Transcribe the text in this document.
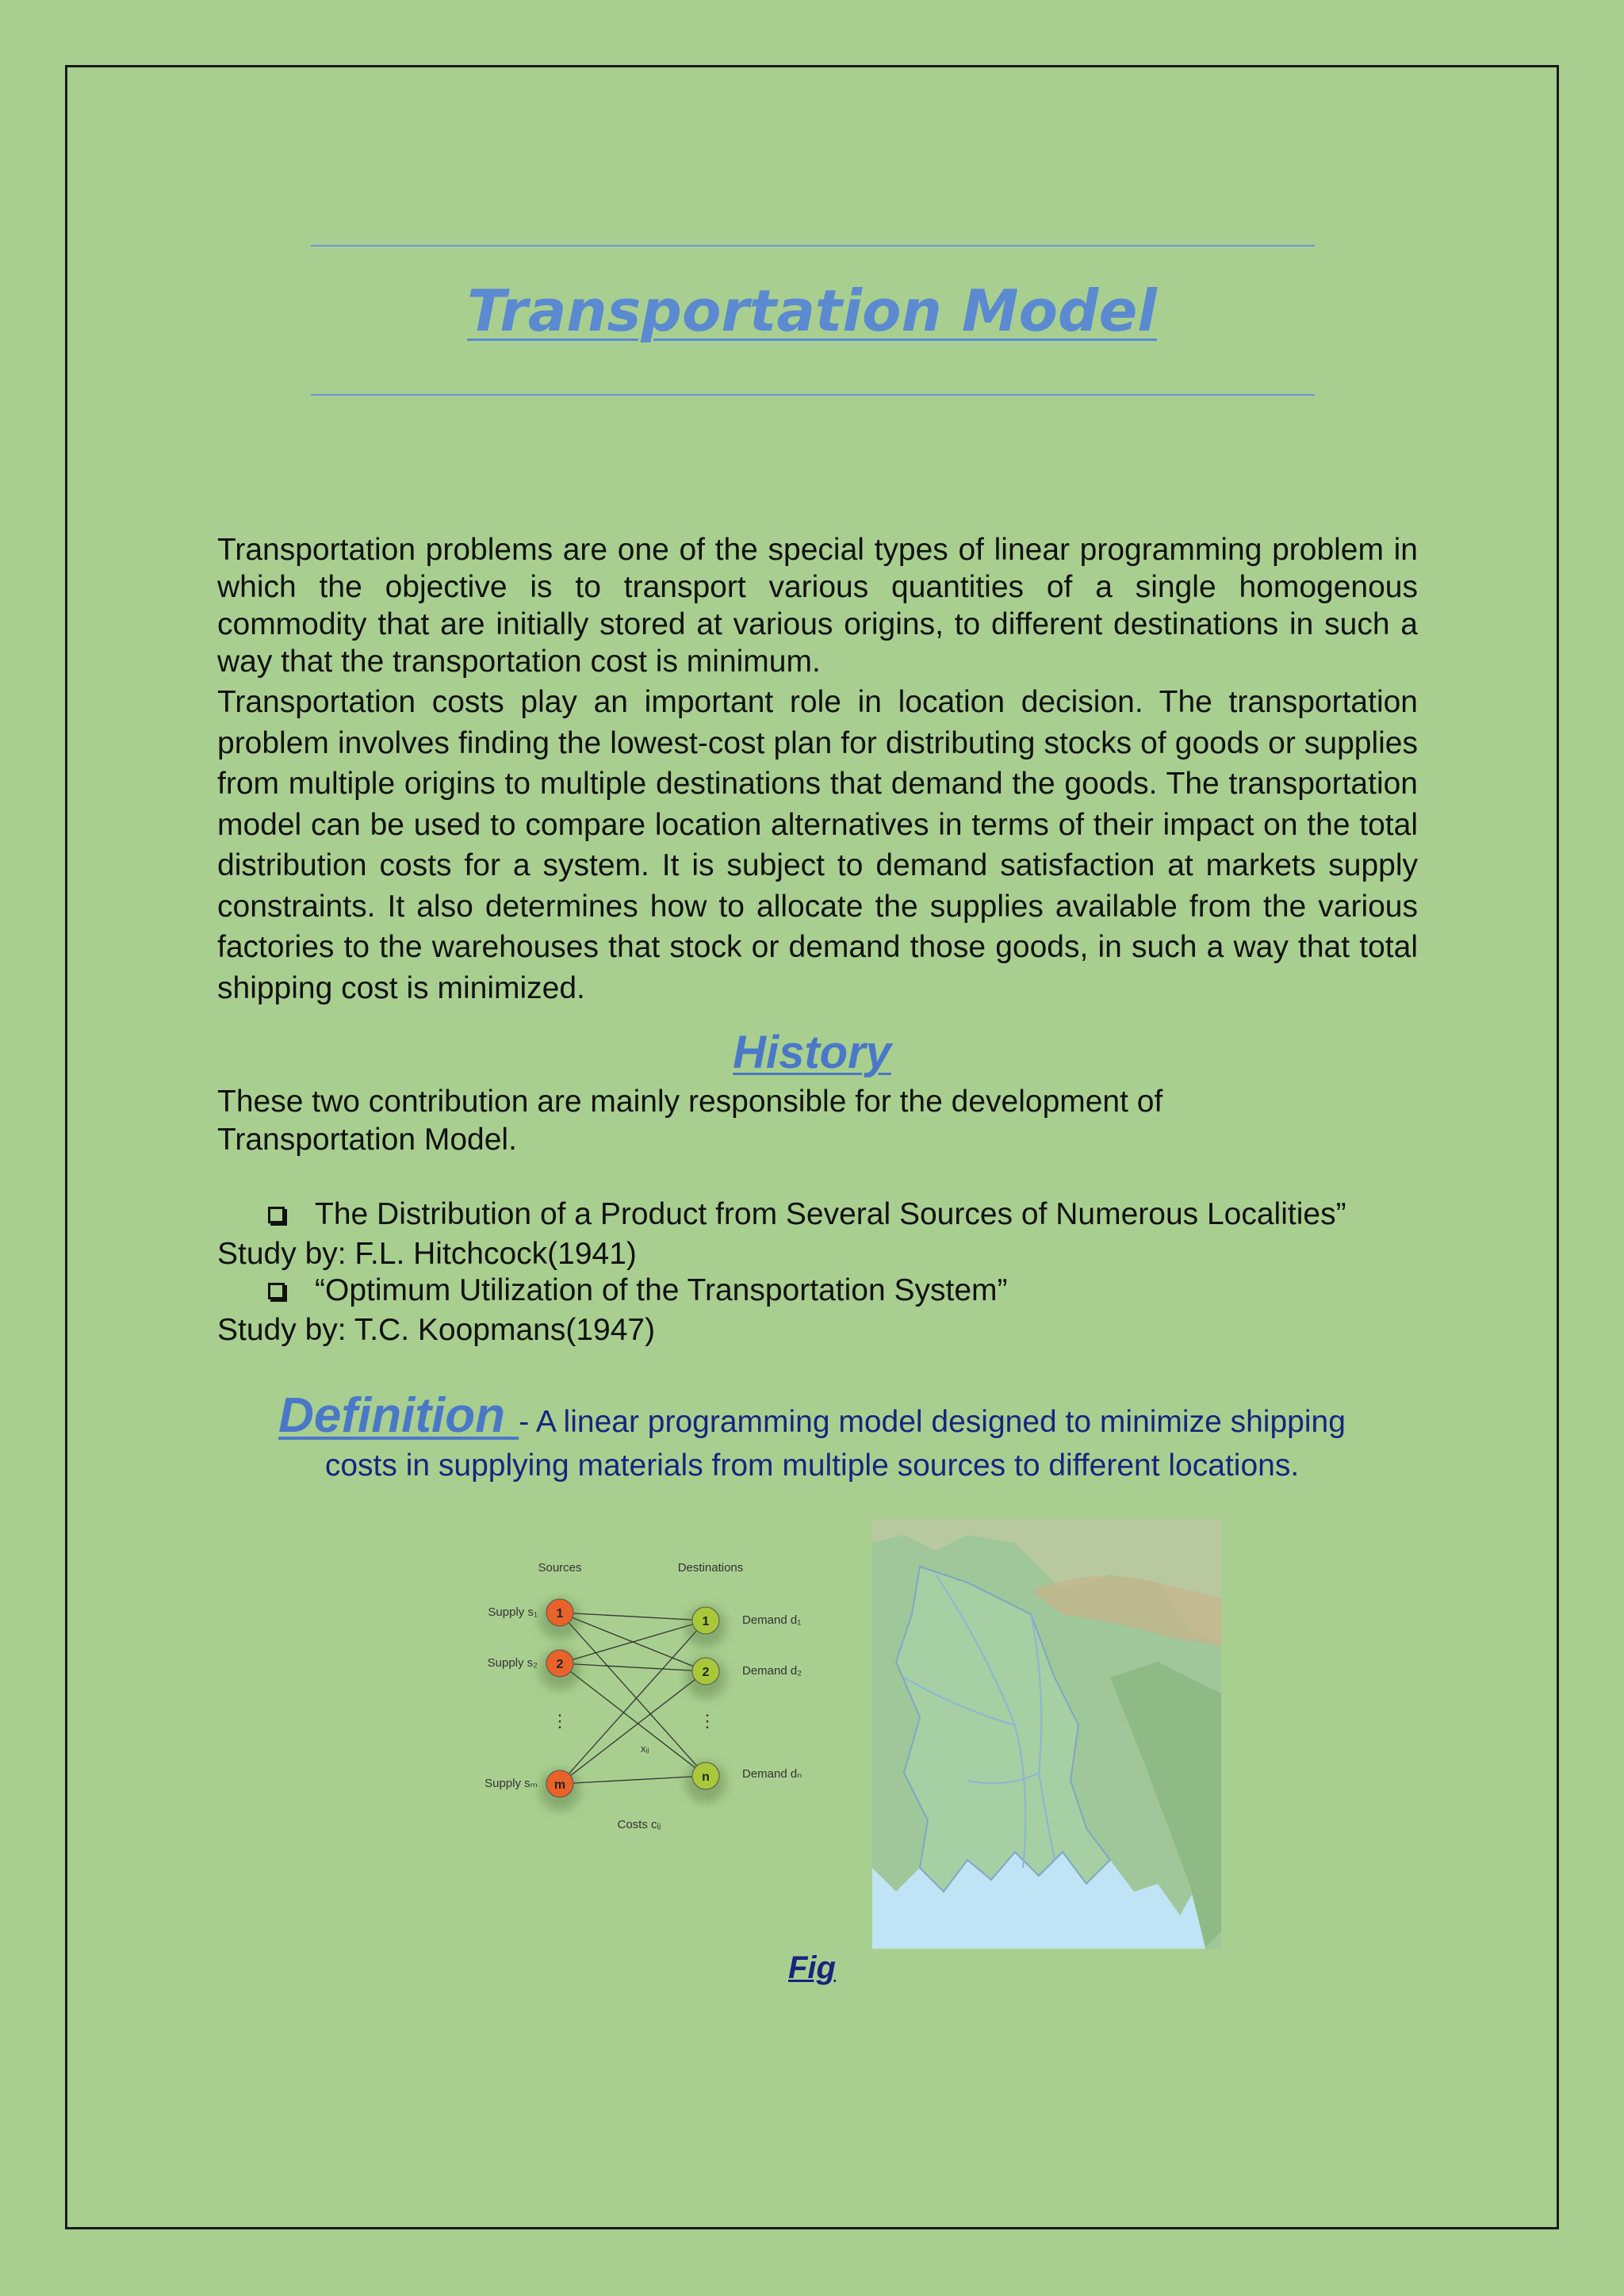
Transportation Model

Transportation problems are one of the special types of linear programming problem in which the objective is to transport various quantities of a single homogenous commodity that are initially stored at various origins, to different destinations in such a way that the transportation cost is minimum.

Transportation costs play an important role in location decision. The transportation problem involves finding the lowest-cost plan for distributing stocks of goods or supplies from multiple origins to multiple destinations that demand the goods. The transportation model can be used to compare location alternatives in terms of their impact on the total distribution costs for a system. It is subject to demand satisfaction at markets supply constraints. It also determines how to allocate the supplies available from the various factories to the warehouses that stock or demand those goods, in such a way that total shipping cost is minimized.

History
These two contribution are mainly responsible for the development of
Transportation Model.
The Distribution of a Product from Several Sources of Numerous Localities”
Study by: F.L. Hitchcock(1941)
“Optimum Utilization of the Transportation System”
Study by: T.C. Koopmans(1947)
Definition - A linear programming model designed to minimize shipping
costs in supplying materials from multiple sources to different locations.
Sources	Destinations
Supply s₁
Supply s₂
Supply sₘ
Demand d₁
Demand d₂
Demand dₙ
xᵢⱼ
Costs cᵢⱼ
⋮	⋮
1
2
m
1
2
n
Fig
